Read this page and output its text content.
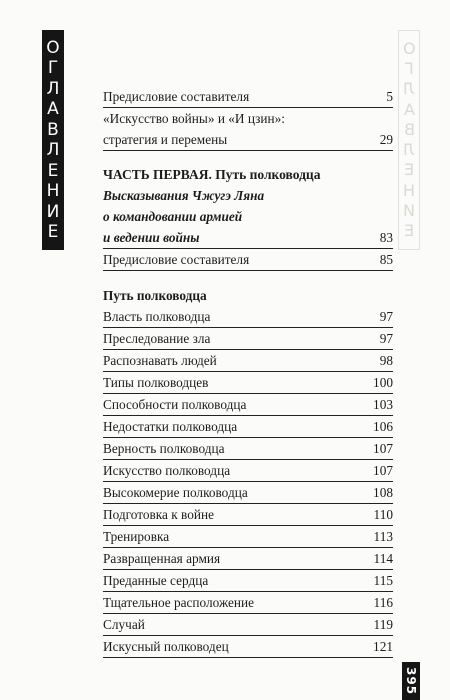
О
Г
Л
А
В
Л
Е
Н
И
Е
О
Г
Л
А
В
Л
Е
Н
И
Е
Предисловие составителя	5
«Искусство войны» и «И цзин»:
стратегия и перемены	29
ЧАСТЬ ПЕРВАЯ. Путь полководца
Высказывания Чжугэ Ляна
о командовании армией
и ведении войны	83
Предисловие составителя	85
Путь полководца
Власть полководца	97
Преследование зла	97
Распознавать людей	98
Типы полководцев	100
Способности полководца	103
Недостатки полководца	106
Верность полководца	107
Искусство полководца	107
Высокомерие полководца	108
Подготовка к войне	110
Тренировка	113
Развращенная армия	114
Преданные сердца	115
Тщательное расположение	116
Случай	119
Искусный полководец	121
395
